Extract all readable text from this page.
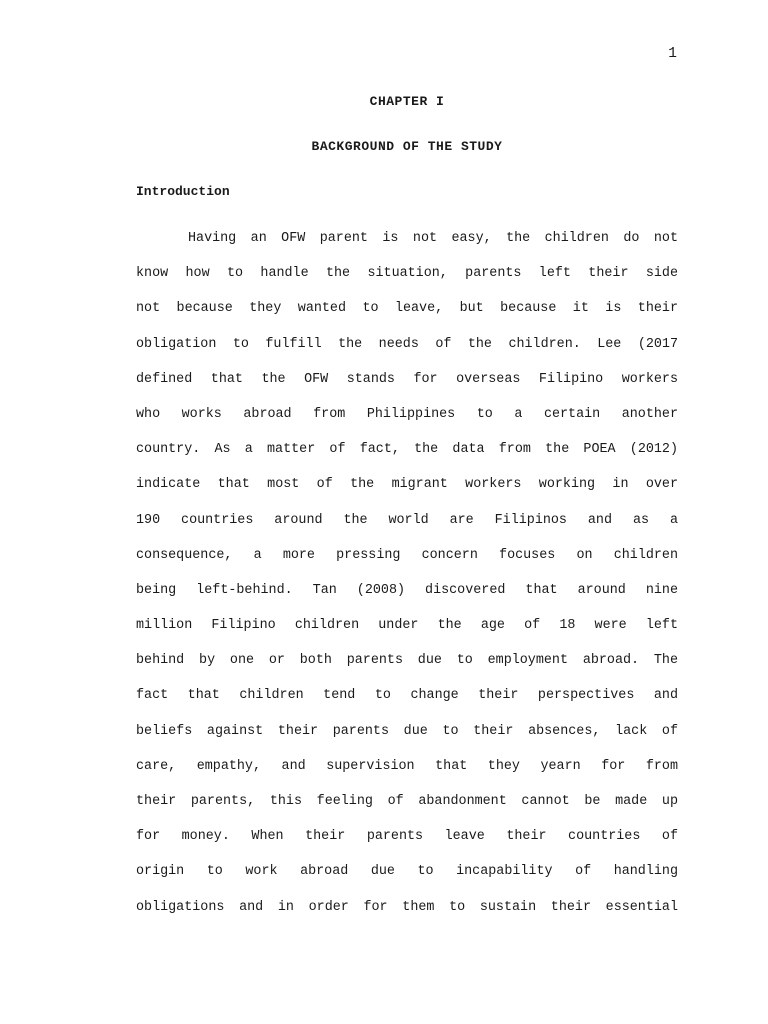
1
CHAPTER I
BACKGROUND OF THE STUDY
Introduction

Having an OFW parent is not easy, the children do not
know how to handle the situation, parents left their side
not because they wanted to leave, but because it is their
obligation to fulfill the needs of the children. Lee (2017
defined that the OFW stands for overseas Filipino workers
who works abroad from Philippines to a certain another
country. As a matter of fact, the data from the POEA (2012)
indicate that most of the migrant workers working in over
190 countries around the world are Filipinos and as a
consequence, a more pressing concern focuses on children
being left-behind. Tan (2008) discovered that around nine
million Filipino children under the age of 18 were left
behind by one or both parents due to employment abroad. The
fact that children tend to change their perspectives and
beliefs against their parents due to their absences, lack of
care, empathy, and supervision that they yearn for from
their parents, this feeling of abandonment cannot be made up
for money. When their parents leave their countries of
origin to work abroad due to incapability of handling
obligations and in order for them to sustain their essential
